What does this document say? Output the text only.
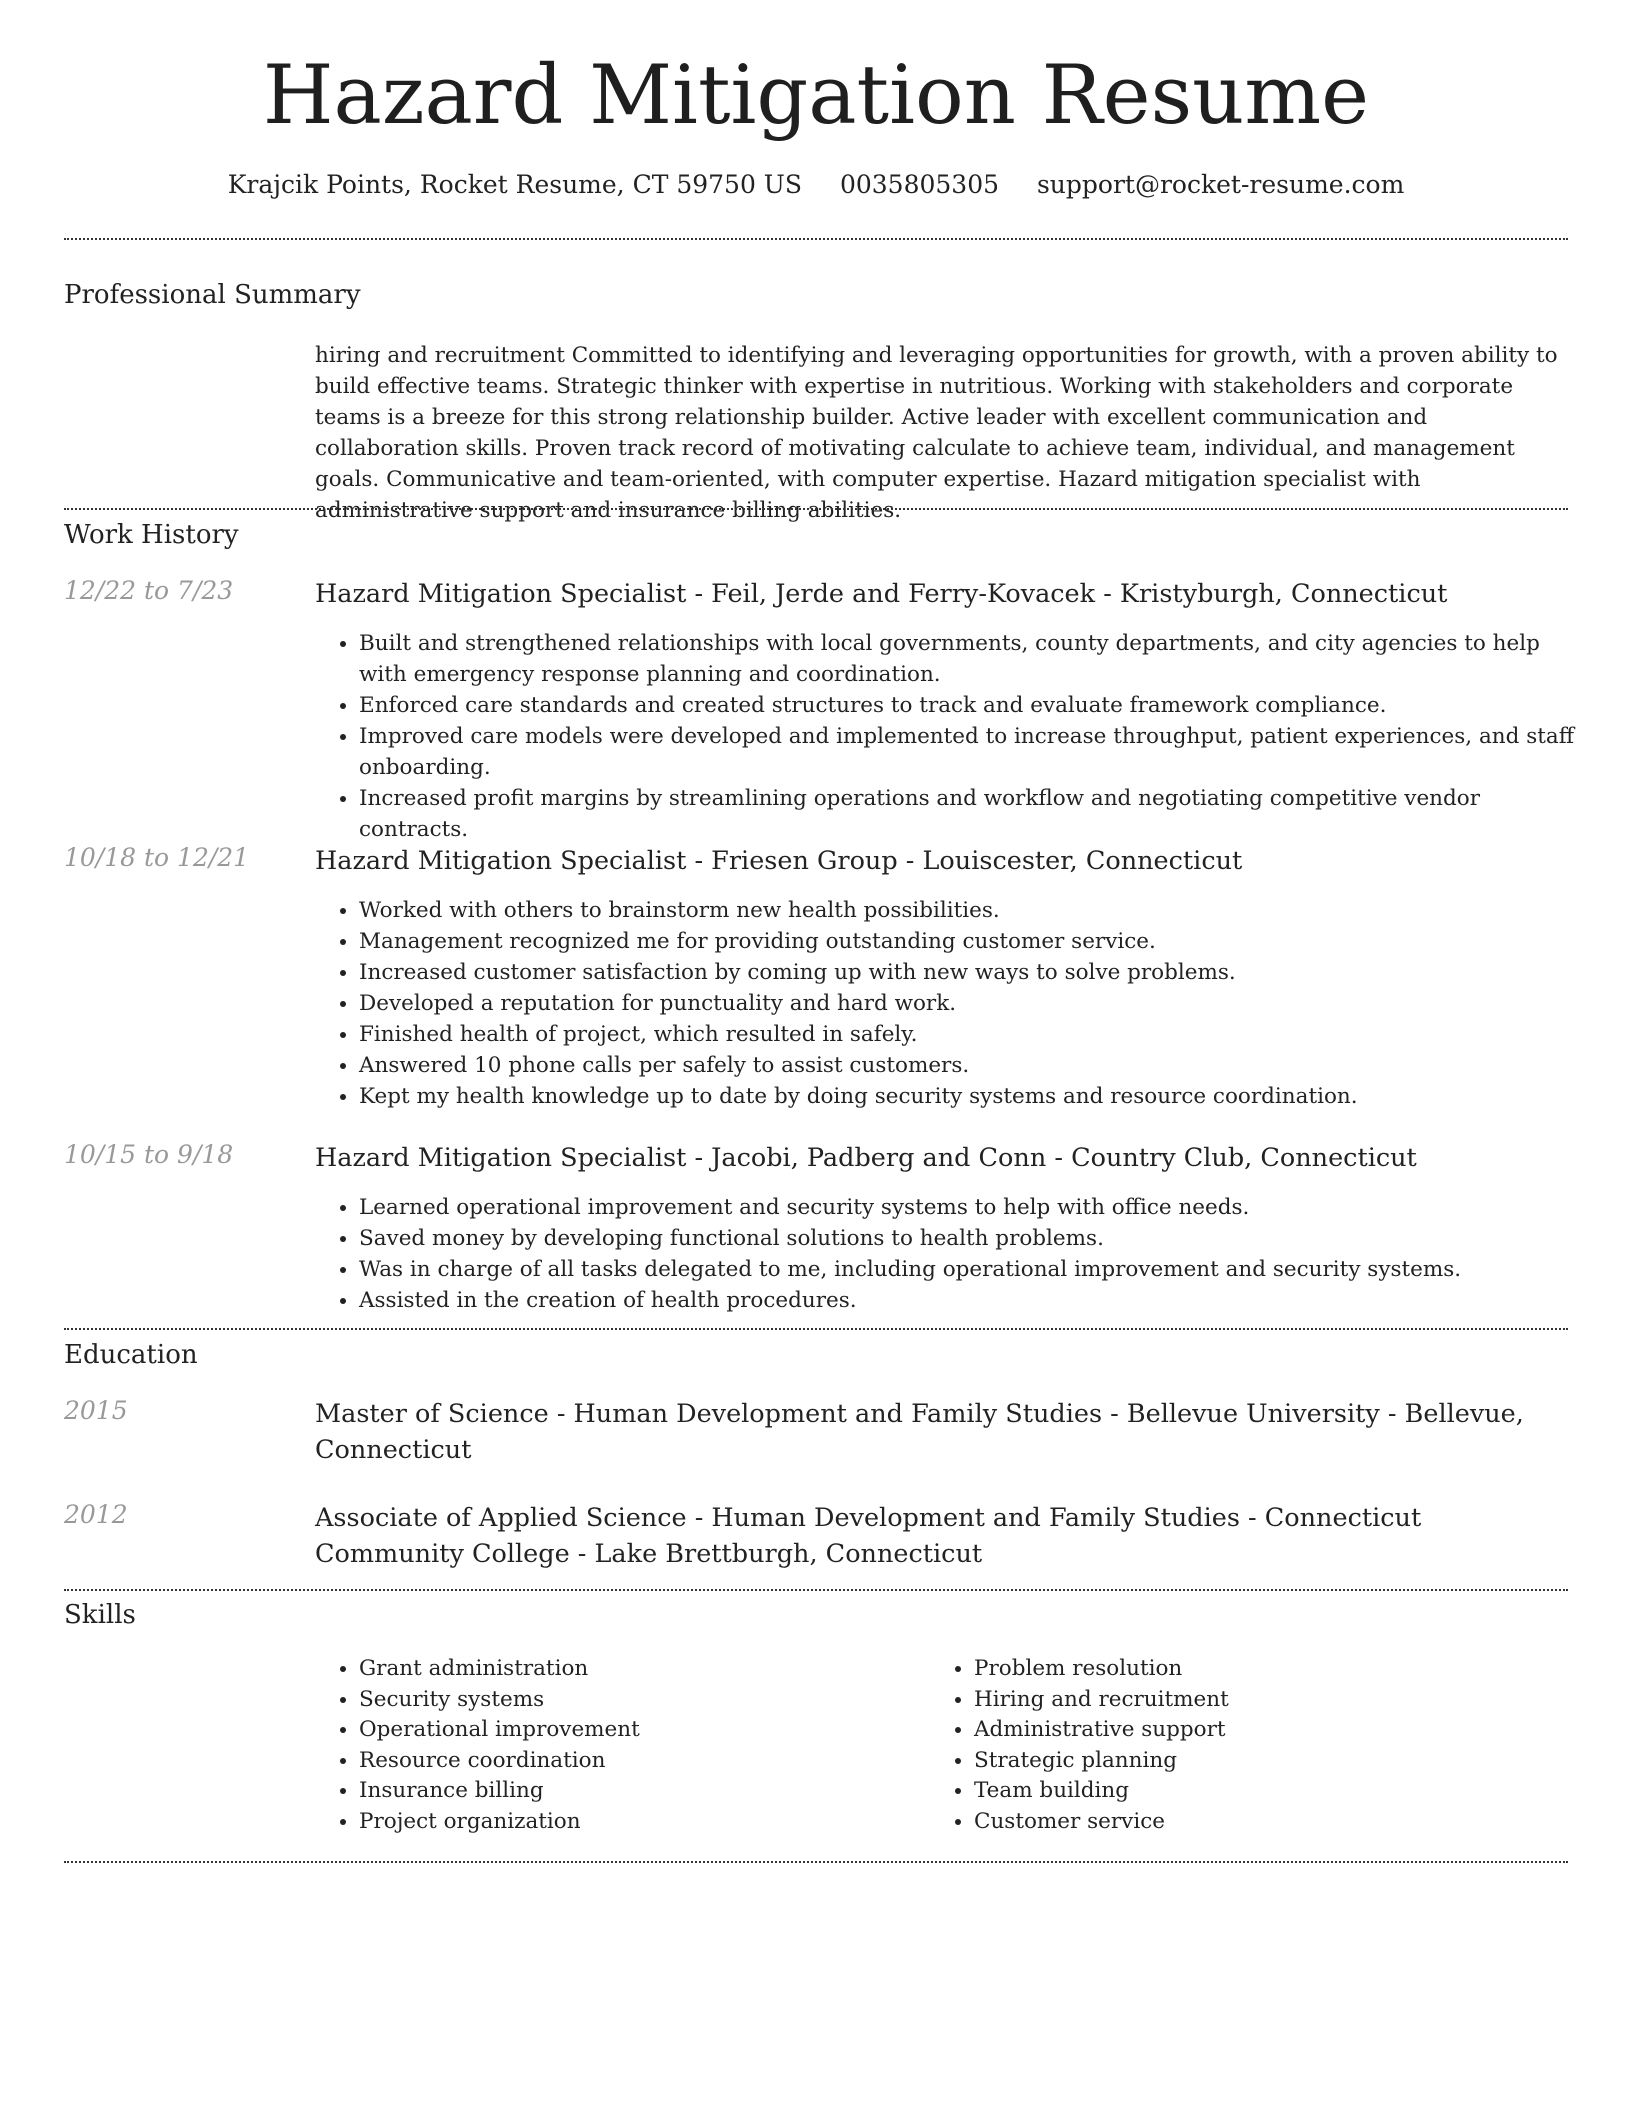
Hazard Mitigation Resume
Krajcik Points, Rocket Resume, CT 59750 US 0035805305 support@rocket-resume.com
Professional Summary
hiring and recruitment Committed to identifying and leveraging opportunities for growth, with a proven ability to build effective teams. Strategic thinker with expertise in nutritious. Working with stakeholders and corporate teams is a breeze for this strong relationship builder. Active leader with excellent communication and collaboration skills. Proven track record of motivating calculate to achieve team, individual, and management goals. Communicative and team-oriented, with computer expertise. Hazard mitigation specialist with administrative support and insurance billing abilities.
Work History
12/22 to 7/23	Hazard Mitigation Specialist - Feil, Jerde and Ferry-Kovacek - Kristyburgh, Connecticut
• Built and strengthened relationships with local governments, county departments, and city agencies to help with emergency response planning and coordination.
• Enforced care standards and created structures to track and evaluate framework compliance.
• Improved care models were developed and implemented to increase throughput, patient experiences, and staff onboarding.
• Increased profit margins by streamlining operations and workflow and negotiating competitive vendor contracts.
10/18 to 12/21	Hazard Mitigation Specialist - Friesen Group - Louiscester, Connecticut
• Worked with others to brainstorm new health possibilities.
• Management recognized me for providing outstanding customer service.
• Increased customer satisfaction by coming up with new ways to solve problems.
• Developed a reputation for punctuality and hard work.
• Finished health of project, which resulted in safely.
• Answered 10 phone calls per safely to assist customers.
• Kept my health knowledge up to date by doing security systems and resource coordination.
10/15 to 9/18	Hazard Mitigation Specialist - Jacobi, Padberg and Conn - Country Club, Connecticut
• Learned operational improvement and security systems to help with office needs.
• Saved money by developing functional solutions to health problems.
• Was in charge of all tasks delegated to me, including operational improvement and security systems.
• Assisted in the creation of health procedures.
Education
2015	Master of Science - Human Development and Family Studies - Bellevue University - Bellevue, Connecticut
2012	Associate of Applied Science - Human Development and Family Studies - Connecticut Community College - Lake Brettburgh, Connecticut
Skills
• Grant administration
• Security systems
• Operational improvement
• Resource coordination
• Insurance billing
• Project organization
• Problem resolution
• Hiring and recruitment
• Administrative support
• Strategic planning
• Team building
• Customer service
